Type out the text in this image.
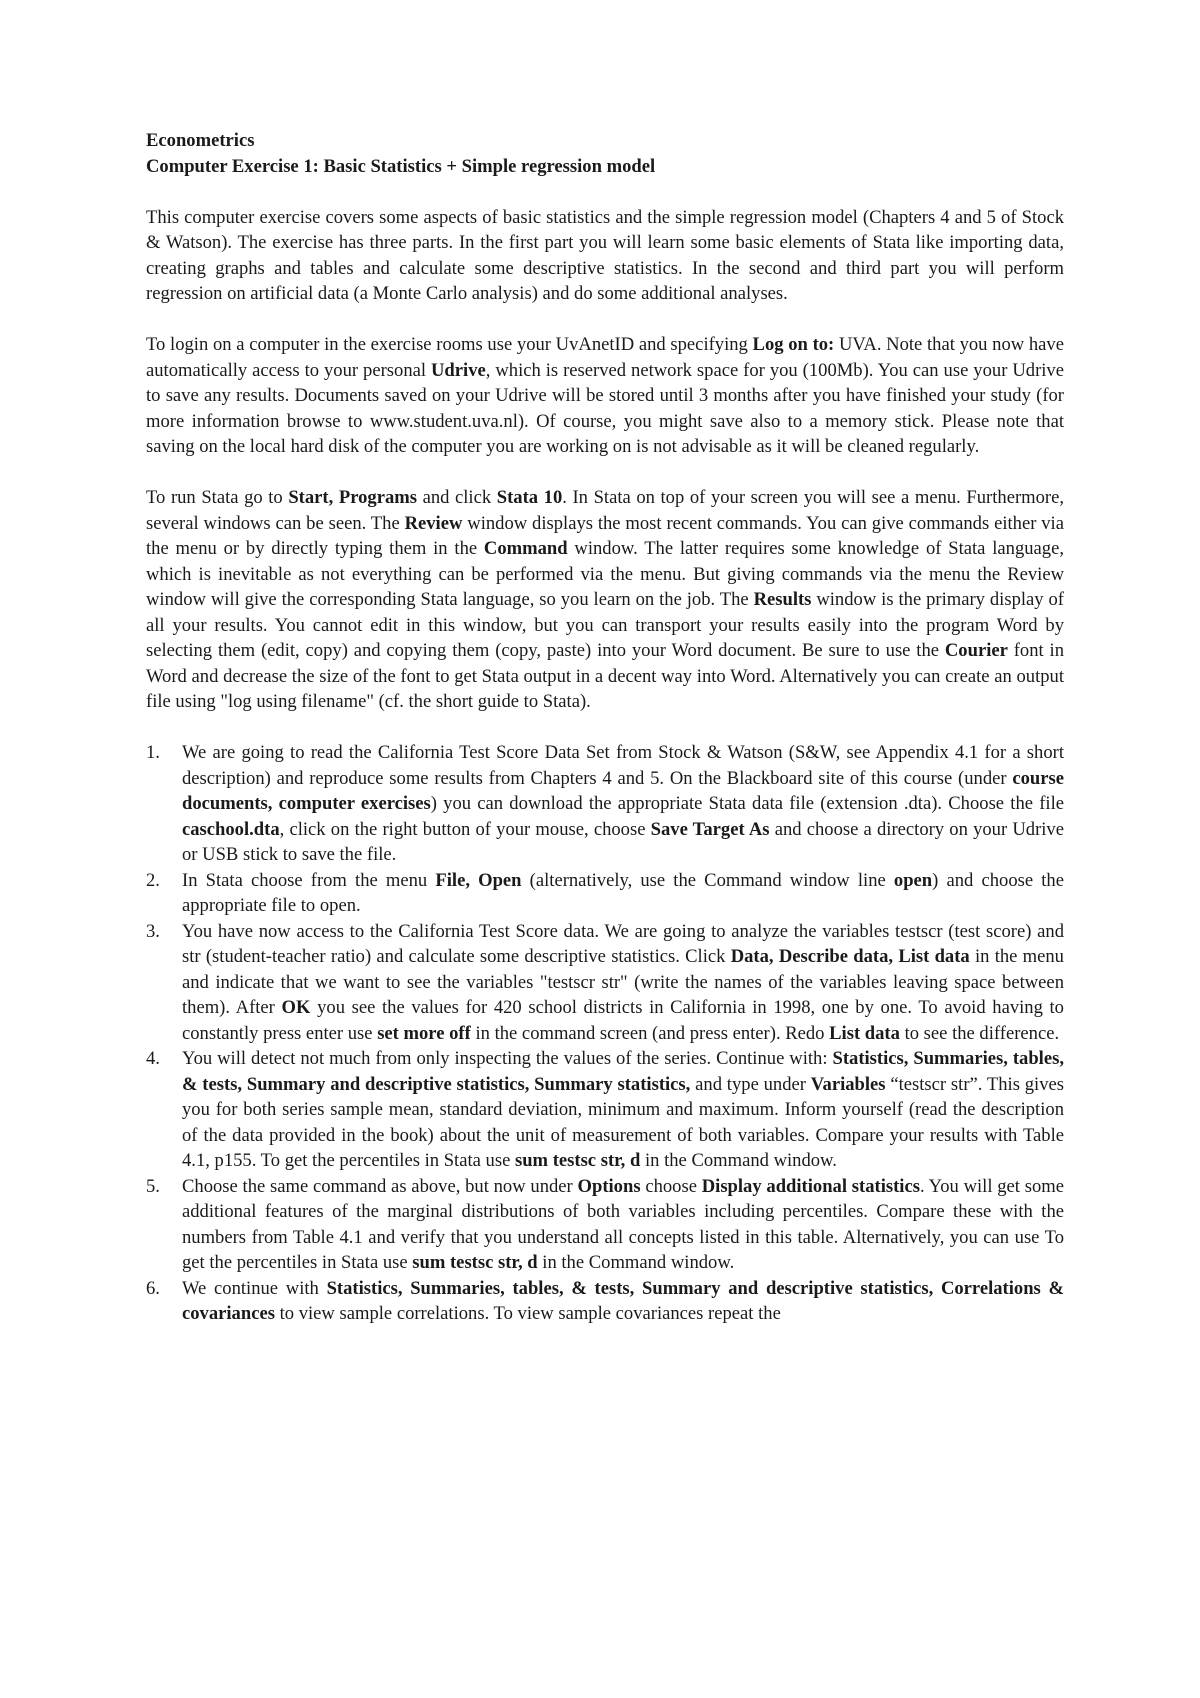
Econometrics

Computer Exercise 1: Basic Statistics + Simple regression model

This computer exercise covers some aspects of basic statistics and the simple regression model (Chapters 4 and 5 of Stock & Watson). The exercise has three parts. In the first part you will learn some basic elements of Stata like importing data, creating graphs and tables and calculate some descriptive statistics. In the second and third part you will perform regression on artificial data (a Monte Carlo analysis) and do some additional analyses.

To login on a computer in the exercise rooms use your UvAnetID and specifying Log on to: UVA. Note that you now have automatically access to your personal Udrive, which is reserved network space for you (100Mb). You can use your Udrive to save any results. Documents saved on your Udrive will be stored until 3 months after you have finished your study (for more information browse to www.student.uva.nl). Of course, you might save also to a memory stick. Please note that saving on the local hard disk of the computer you are working on is not advisable as it will be cleaned regularly.

To run Stata go to Start, Programs and click Stata 10. In Stata on top of your screen you will see a menu. Furthermore, several windows can be seen. The Review window displays the most recent commands. You can give commands either via the menu or by directly typing them in the Command window. The latter requires some knowledge of Stata language, which is inevitable as not everything can be performed via the menu. But giving commands via the menu the Review window will give the corresponding Stata language, so you learn on the job. The Results window is the primary display of all your results. You cannot edit in this window, but you can transport your results easily into the program Word by selecting them (edit, copy) and copying them (copy, paste) into your Word document. Be sure to use the Courier font in Word and decrease the size of the font to get Stata output in a decent way into Word. Alternatively you can create an output file using "log using filename" (cf. the short guide to Stata).

1. We are going to read the California Test Score Data Set from Stock & Watson (S&W, see Appendix 4.1 for a short description) and reproduce some results from Chapters 4 and 5. On the Blackboard site of this course (under course documents, computer exercises) you can download the appropriate Stata data file (extension .dta). Choose the file caschool.dta, click on the right button of your mouse, choose Save Target As and choose a directory on your Udrive or USB stick to save the file.
2. In Stata choose from the menu File, Open (alternatively, use the Command window line open) and choose the appropriate file to open.
3. You have now access to the California Test Score data. We are going to analyze the variables testscr (test score) and str (student-teacher ratio) and calculate some descriptive statistics. Click Data, Describe data, List data in the menu and indicate that we want to see the variables "testscr str" (write the names of the variables leaving space between them). After OK you see the values for 420 school districts in California in 1998, one by one. To avoid having to constantly press enter use set more off in the command screen (and press enter). Redo List data to see the difference.
4. You will detect not much from only inspecting the values of the series. Continue with: Statistics, Summaries, tables, & tests, Summary and descriptive statistics, Summary statistics, and type under Variables “testscr str”. This gives you for both series sample mean, standard deviation, minimum and maximum. Inform yourself (read the description of the data provided in the book) about the unit of measurement of both variables. Compare your results with Table 4.1, p155. To get the percentiles in Stata use sum testsc str, d in the Command window.
5. Choose the same command as above, but now under Options choose Display additional statistics. You will get some additional features of the marginal distributions of both variables including percentiles. Compare these with the numbers from Table 4.1 and verify that you understand all concepts listed in this table. Alternatively, you can use To get the percentiles in Stata use sum testsc str, d in the Command window.
6. We continue with Statistics, Summaries, tables, & tests, Summary and descriptive statistics, Correlations & covariances to view sample correlations. To view sample covariances repeat the
